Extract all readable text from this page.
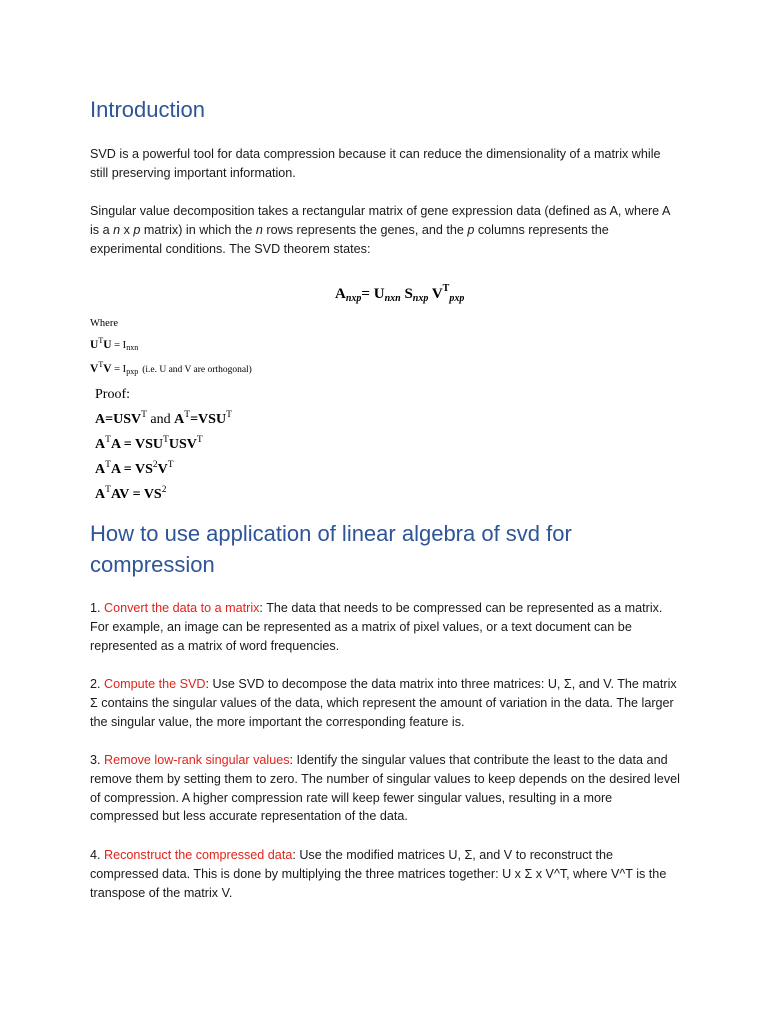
Introduction

SVD is a powerful tool for data compression because it can reduce the dimensionality of a matrix while still preserving important information.

Singular value decomposition takes a rectangular matrix of gene expression data (defined as A, where A is a n x p matrix) in which the n rows represents the genes, and the p columns represents the experimental conditions. The SVD theorem states:

$A_{nxp}= U_{nxn}$ $S_{nxp}$ $V^T_{pxp}$
Where
$U^TU = I_{nxn}$
$V^TV = I_{pxp}$ (i.e. U and V are orthogonal)
Proof:
$A=USV^T$ and $A^T=VSU^T$
$A^TA = VSU^TUSV^T$
$A^TA = VS^2V^T$
$A^TAV = VS^2$
How to use application of linear algebra of svd for compression

1. Convert the data to a matrix: The data that needs to be compressed can be represented as a matrix. For example, an image can be represented as a matrix of pixel values, or a text document can be represented as a matrix of word frequencies.

2. Compute the SVD: Use SVD to decompose the data matrix into three matrices: U, Σ, and V. The matrix Σ contains the singular values of the data, which represent the amount of variation in the data. The larger the singular value, the more important the corresponding feature is.

3. Remove low-rank singular values: Identify the singular values that contribute the least to the data and remove them by setting them to zero. The number of singular values to keep depends on the desired level of compression. A higher compression rate will keep fewer singular values, resulting in a more compressed but less accurate representation of the data.

4. Reconstruct the compressed data: Use the modified matrices U, Σ, and V to reconstruct the compressed data. This is done by multiplying the three matrices together: U x Σ x V^T, where V^T is the transpose of the matrix V.
